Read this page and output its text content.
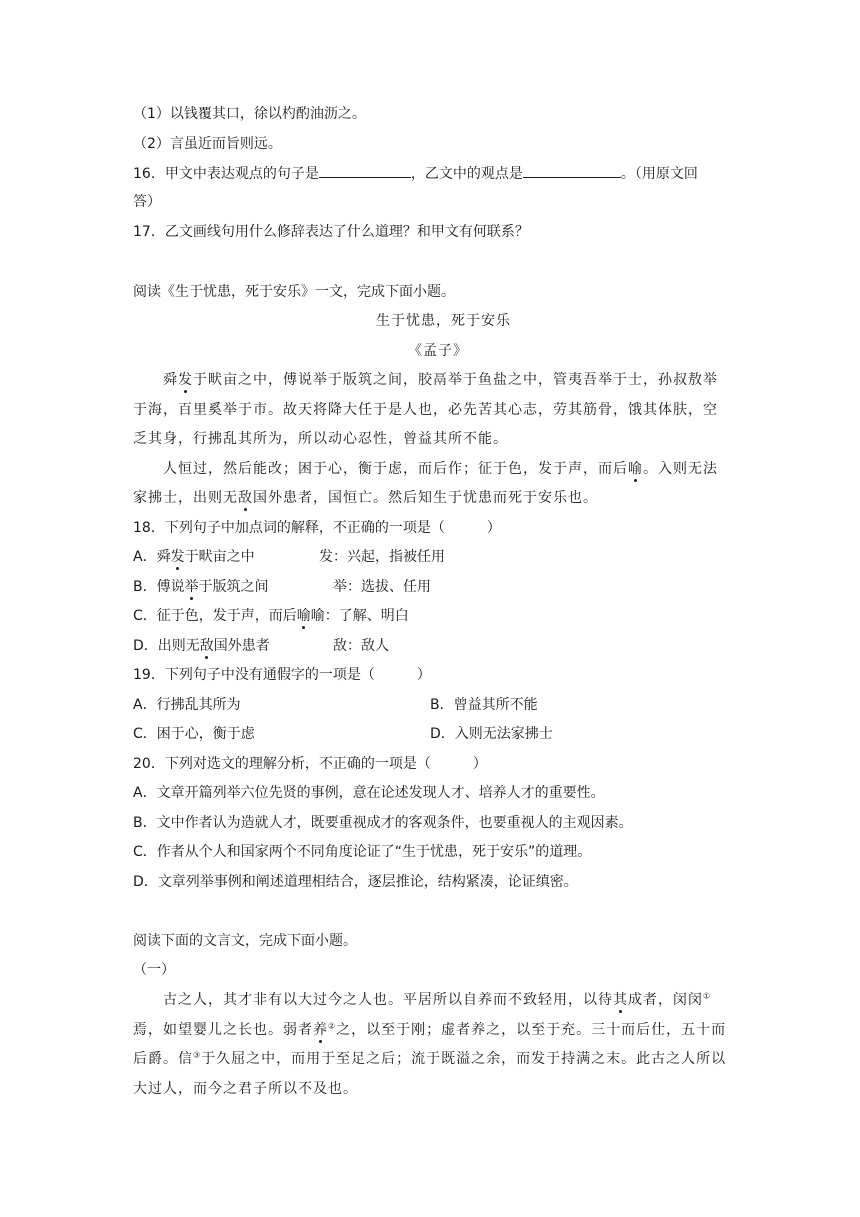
（1）以钱覆其口，徐以杓酌油沥之。
（2）言虽近而旨则远。
16．甲文中表达观点的句子是	，乙文中的观点是	。（用原文回
答）
17．乙文画线句用什么修辞表达了什么道理？和甲文有何联系？
阅读《生于忧患，死于安乐》一文，完成下面小题。
生于忧患，死于安乐
《孟子》
舜发于畎亩之中，傅说举于版筑之间，胶鬲举于鱼盐之中，管夷吾举于士，孙叔敖举
于海，百里奚举于市。故天将降大任于是人也，必先苦其心志，劳其筋骨，饿其体肤，空
乏其身，行拂乱其所为，所以动心忍性，曾益其所不能。
人恒过，然后能改；困于心，衡于虑，而后作；征于色，发于声，而后喻。入则无法
家拂士，出则无敌国外患者，国恒亡。然后知生于忧患而死于安乐也。
18．下列句子中加点词的解释，不正确的一项是（　　　）
A．舜发于畎亩之中	发：兴起，指被任用
B．傅说举于版筑之间	举：选拔、任用
C．征于色，发于声，而后喻喻：了解、明白
D．出则无敌国外患者	敌：敌人
19．下列句子中没有通假字的一项是（　　　）
A．行拂乱其所为	B．曾益其所不能
C．困于心，衡于虑	D．入则无法家拂士
20．下列对选文的理解分析，不正确的一项是（　　　）
A．文章开篇列举六位先贤的事例，意在论述发现人才、培养人才的重要性。
B．文中作者认为造就人才，既要重视成才的客观条件，也要重视人的主观因素。
C．作者从个人和国家两个不同角度论证了“生于忧患，死于安乐”的道理。
D．文章列举事例和阐述道理相结合，逐层推论，结构紧凑，论证缜密。
阅读下面的文言文，完成下面小题。
（一）
古之人，其才非有以大过今之人也。平居所以自养而不致轻用，以待其成者，闵闵①
焉，如望婴儿之长也。弱者养②之，以至于刚；虚者养之，以至于充。三十而后仕，五十而
后爵。信③于久屈之中，而用于至足之后；流于既溢之余，而发于持满之末。此古之人所以
大过人，而今之君子所以不及也。
